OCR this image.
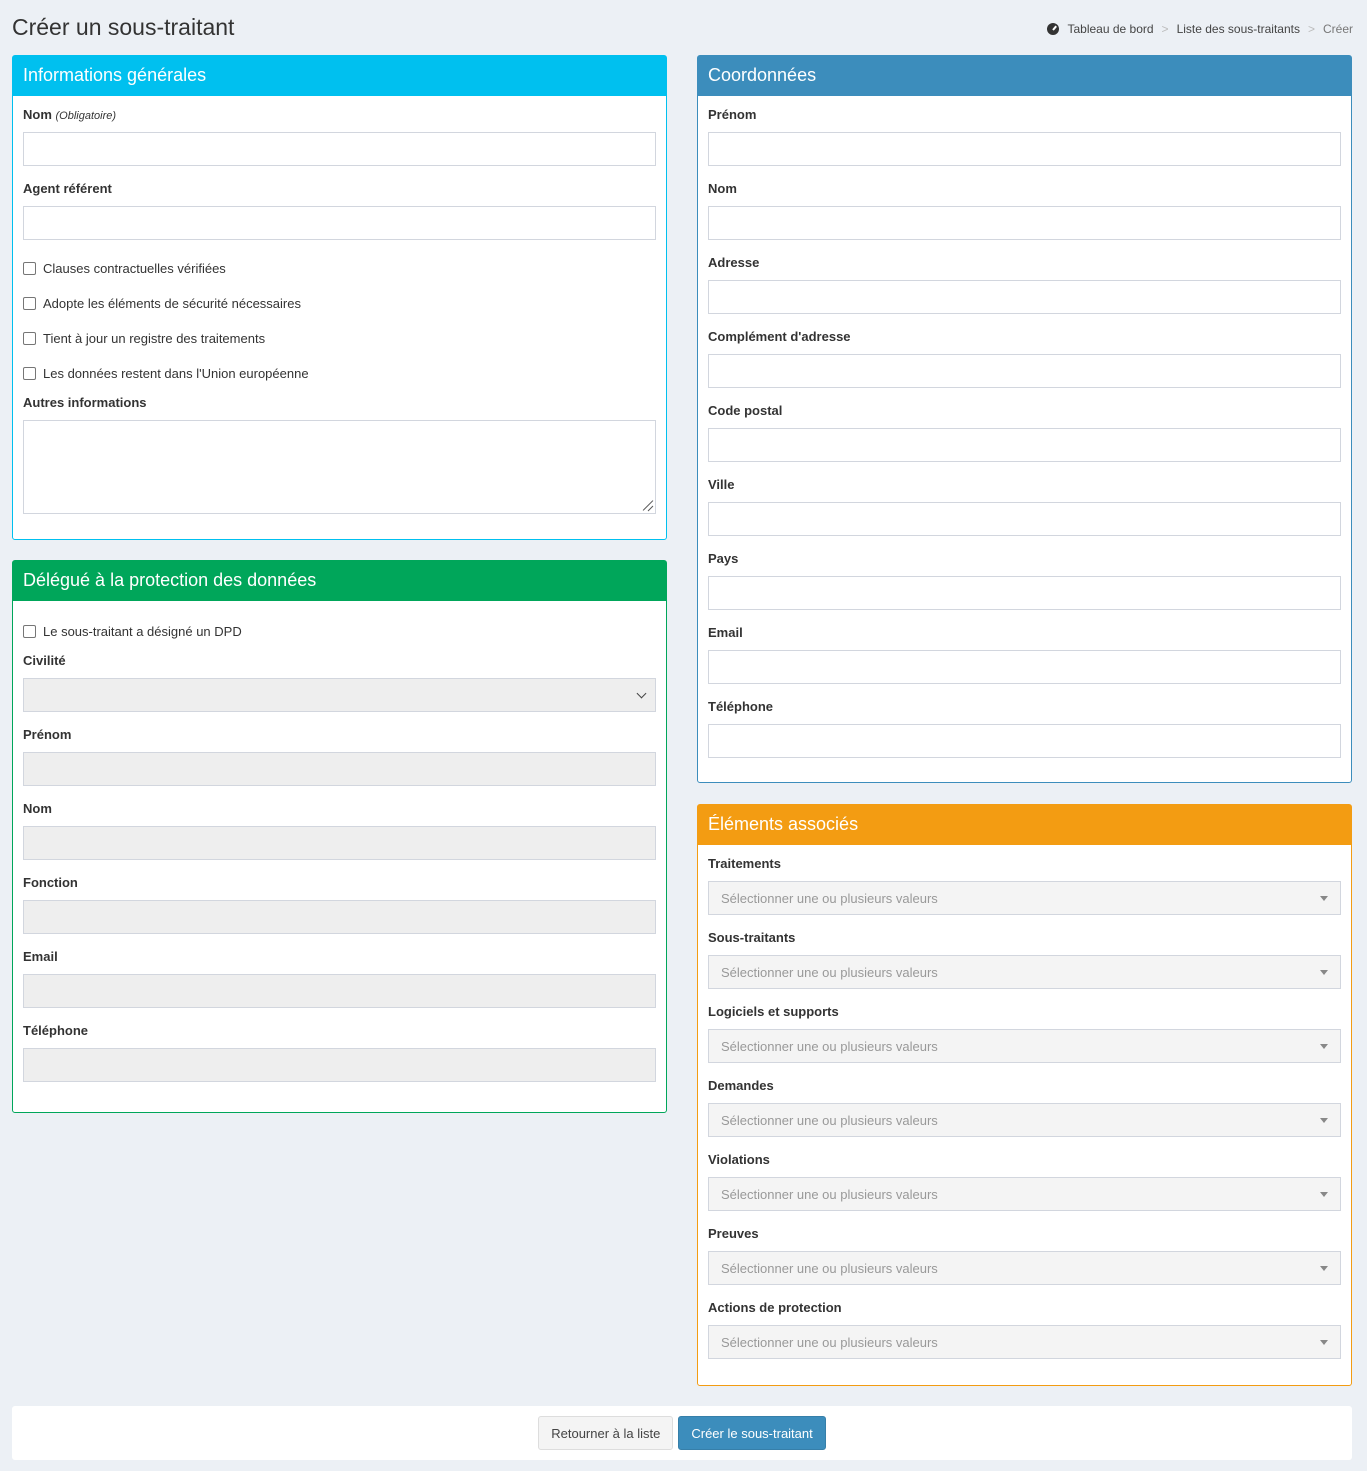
Créer un sous-traitant	Tableau de bord > Liste des sous-traitants > Créer
Informations générales
Nom (Obligatoire)
Agent référent
Clauses contractuelles vérifiées
Adopte les éléments de sécurité nécessaires
Tient à jour un registre des traitements
Les données restent dans l'Union européenne
Autres informations
Délégué à la protection des données
Le sous-traitant a désigné un DPD
Civilité
Prénom
Nom
Fonction
Email
Téléphone
Coordonnées
Prénom
Nom
Adresse
Complément d'adresse
Code postal
Ville
Pays
Email
Téléphone
Éléments associés
Traitements
Sélectionner une ou plusieurs valeurs
Sous-traitants
Sélectionner une ou plusieurs valeurs
Logiciels et supports
Sélectionner une ou plusieurs valeurs
Demandes
Sélectionner une ou plusieurs valeurs
Violations
Sélectionner une ou plusieurs valeurs
Preuves
Sélectionner une ou plusieurs valeurs
Actions de protection
Sélectionner une ou plusieurs valeurs
Retourner à la liste	Créer le sous-traitant
